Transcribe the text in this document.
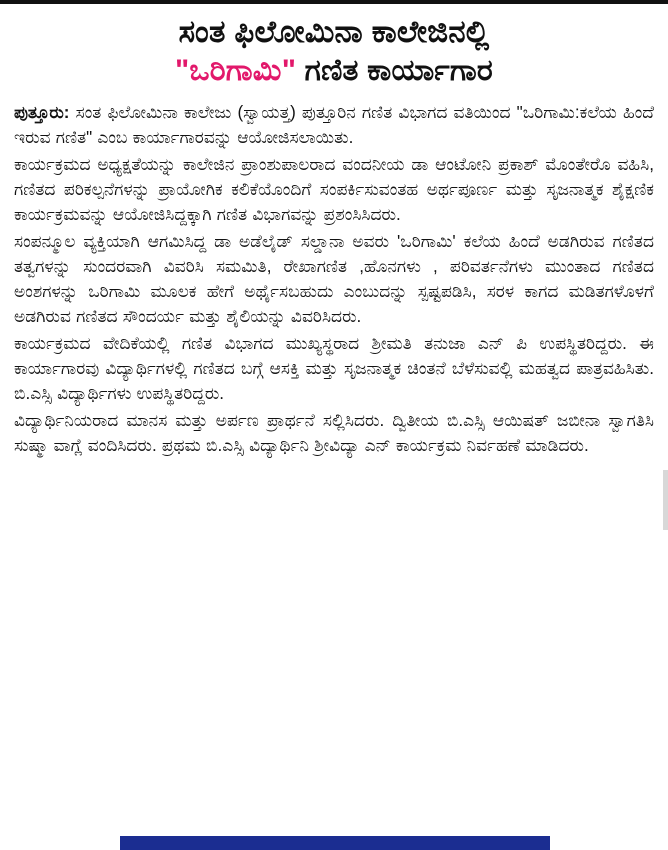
ಸಂತ ಫಿಲೋಮಿನಾ ಕಾಲೇಜಿನಲ್ಲಿ
"ಒರಿಗಾಮಿ" ಗಣಿತ ಕಾರ್ಯಾಗಾರ

ಪುತ್ತೂರು: ಸಂತ ಫಿಲೋಮಿನಾ ಕಾಲೇಜು (ಸ್ವಾಯತ್ತ) ಪುತ್ತೂರಿನ ಗಣಿತ ವಿಭಾಗದ ವತಿಯಿಂದ "ಒರಿಗಾಮಿ:ಕಲೆಯ ಹಿಂದೆ ಇರುವ ಗಣಿತ" ಎಂಬ ಕಾರ್ಯಾಗಾರವನ್ನು ಆಯೋಜಿಸಲಾಯಿತು.

ಕಾರ್ಯಕ್ರಮದ ಅಧ್ಯಕ್ಷತೆಯನ್ನು ಕಾಲೇಜಿನ ಪ್ರಾಂಶುಪಾಲರಾದ ವಂದನೀಯ ಡಾ ಆಂಟೋನಿ ಪ್ರಕಾಶ್ ಮೊಂತೇರೊ ವಹಿಸಿ, ಗಣಿತದ ಪರಿಕಲ್ಪನೆಗಳನ್ನು ಪ್ರಾಯೋಗಿಕ ಕಲಿಕೆಯೊಂದಿಗೆ ಸಂಪರ್ಕಿಸುವಂತಹ ಅರ್ಥಪೂರ್ಣ ಮತ್ತು ಸೃಜನಾತ್ಮಕ ಶೈಕ್ಷಣಿಕ ಕಾರ್ಯಕ್ರಮವನ್ನು ಆಯೋಜಿಸಿದ್ದಕ್ಕಾಗಿ ಗಣಿತ ವಿಭಾಗವನ್ನು ಪ್ರಶಂಸಿಸಿದರು.

ಸಂಪನ್ಮೂಲ ವ್ಯಕ್ತಿಯಾಗಿ ಆಗಮಿಸಿದ್ದ ಡಾ ಅಡೆಲೈಡ್ ಸಲ್ಡಾನಾ ಅವರು 'ಒರಿಗಾಮಿ' ಕಲೆಯ ಹಿಂದೆ ಅಡಗಿರುವ ಗಣಿತದ ತತ್ವಗಳನ್ನು ಸುಂದರವಾಗಿ ವಿವರಿಸಿ ಸಮಮಿತಿ, ರೇಖಾಗಣಿತ ,ಹೊನಗಳು , ಪರಿವರ್ತನೆಗಳು ಮುಂತಾದ ಗಣಿತದ ಅಂಶಗಳನ್ನು ಒರಿಗಾಮಿ ಮೂಲಕ ಹೇಗೆ ಅರ್ಥೈಸಬಹುದು ಎಂಬುದನ್ನು ಸ್ಪಷ್ಟಪಡಿಸಿ, ಸರಳ ಕಾಗದ ಮಡಿತಗಳೊಳಗೆ ಅಡಗಿರುವ ಗಣಿತದ ಸೌಂದರ್ಯ ಮತ್ತು ಶೈಲಿಯನ್ನು ವಿವರಿಸಿದರು.

ಕಾರ್ಯಕ್ರಮದ ವೇದಿಕೆಯಲ್ಲಿ ಗಣಿತ ವಿಭಾಗದ ಮುಖ್ಯಸ್ಥರಾದ ಶ್ರೀಮತಿ ತನುಜಾ ಎನ್ ಪಿ ಉಪಸ್ಥಿತರಿದ್ದರು. ಈ ಕಾರ್ಯಾಗಾರವು ವಿದ್ಯಾರ್ಥಿಗಳಲ್ಲಿ ಗಣಿತದ ಬಗ್ಗೆ ಆಸಕ್ತಿ ಮತ್ತು ಸೃಜನಾತ್ಮಕ ಚಿಂತನೆ ಬೆಳೆಸುವಲ್ಲಿ ಮಹತ್ವದ ಪಾತ್ರವಹಿಸಿತು. ಬಿ.ಎಸ್ಸಿ ವಿದ್ಯಾರ್ಥಿಗಳು ಉಪಸ್ಥಿತರಿದ್ದರು.

ವಿದ್ಯಾರ್ಥಿನಿಯರಾದ ಮಾನಸ ಮತ್ತು ಅರ್ಪಣ ಪ್ರಾರ್ಥನೆ ಸಲ್ಲಿಸಿದರು. ದ್ವಿತೀಯ ಬಿ.ಎಸ್ಸಿ ಆಯಿಷತ್ ಜಬೀನಾ ಸ್ವಾಗತಿಸಿ ಸುಷ್ಮಾ ವಾಗ್ಲೆ ವಂದಿಸಿದರು. ಪ್ರಥಮ ಬಿ.ಎಸ್ಸಿ ವಿದ್ಯಾರ್ಥಿನಿ ಶ್ರೀವಿದ್ಯಾ ಎನ್ ಕಾರ್ಯಕ್ರಮ ನಿರ್ವಹಣೆ ಮಾಡಿದರು.
